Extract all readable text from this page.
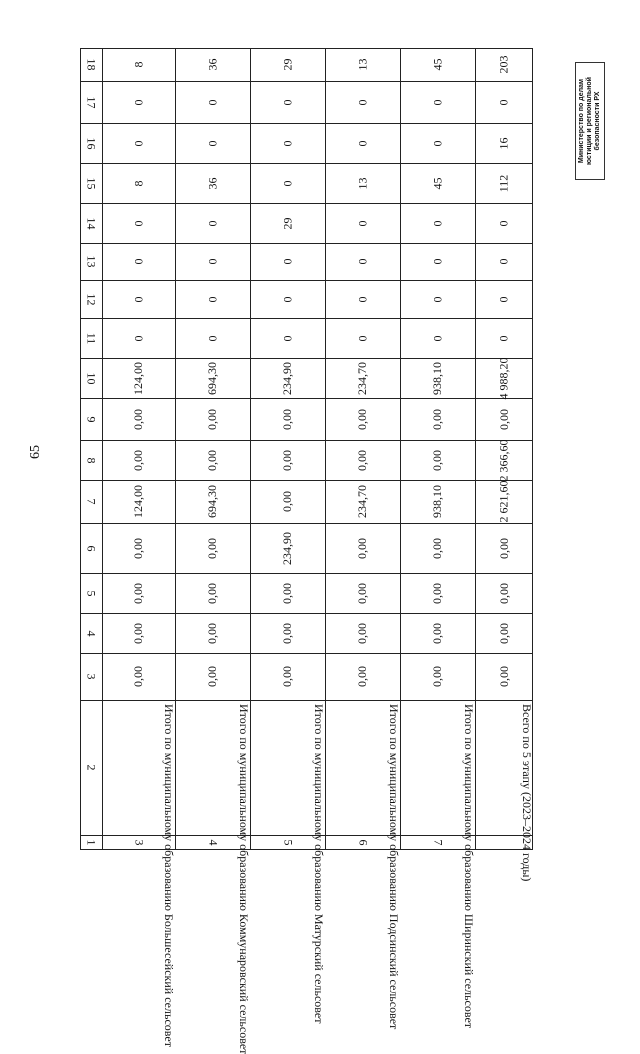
65
Министерство по делам юстиции и региональной безопасности РХ
1
2
3
4
5
6
7
8
9
10
11
12
13
14
15
16
17
18
3 Итого по муниципальному образованию Большесейский сельсовет
0,00
0,00
0,00
0,00
124,00
0,00
0,00
124,00
0
0
0
0
8
0
0
8
4 Итого по муниципальному образованию Коммунаровский сельсовет
0,00
0,00
0,00
0,00
694,30
0,00
0,00
694,30
0
0
0
0
36
0
0
36
5 Итого по муниципальному образованию Матурский сельсовет
0,00
0,00
0,00
234,90
0,00
0,00
0,00
234,90
0
0
0
29
0
0
0
29
6 Итого по муниципальному образованию Подсинский сельсовет
0,00
0,00
0,00
0,00
234,70
0,00
0,00
234,70
0
0
0
0
13
0
0
13
7 Итого по муниципальному образованию Ширинский сельсовет
0,00
0,00
0,00
0,00
938,10
0,00
0,00
938,10
0
0
0
0
45
0
0
45
Всего по 5 этапу (2023–2024 годы)
0,00
0,00
0,00
0,00
2 621,60
2 366,60
0,00
4 988,20
0
0
0
0
112
16
0
203
